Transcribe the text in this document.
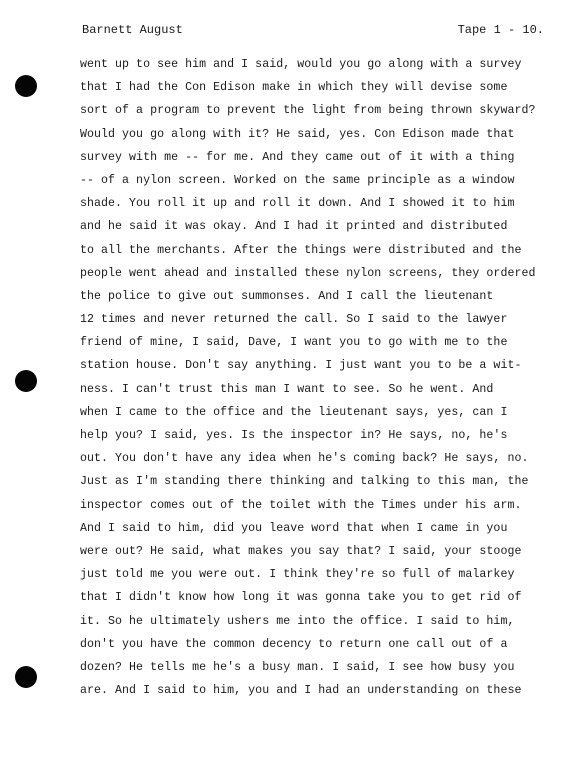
Barnett August	Tape 1 - 10.
went up to see him and I said, would you go along with a survey
that I had the Con Edison make in which they will devise some
sort of a program to prevent the light from being thrown skyward?
Would you go along with it? He said, yes. Con Edison made that
survey with me -- for me. And they came out of it with a thing
-- of a nylon screen. Worked on the same principle as a window
shade. You roll it up and roll it down. And I showed it to him
and he said it was okay. And I had it printed and distributed
to all the merchants. After the things were distributed and the
people went ahead and installed these nylon screens, they ordered
the police to give out summonses. And I call the lieutenant
12 times and never returned the call. So I said to the lawyer
friend of mine, I said, Dave, I want you to go with me to the
station house. Don't say anything. I just want you to be a wit-
ness. I can't trust this man I want to see. So he went. And
when I came to the office and the lieutenant says, yes, can I
help you? I said, yes. Is the inspector in? He says, no, he's
out. You don't have any idea when he's coming back? He says, no.
Just as I'm standing there thinking and talking to this man, the
inspector comes out of the toilet with the Times under his arm.
And I said to him, did you leave word that when I came in you
were out? He said, what makes you say that? I said, your stooge
just told me you were out. I think they're so full of malarkey
that I didn't know how long it was gonna take you to get rid of
it. So he ultimately ushers me into the office. I said to him,
don't you have the common decency to return one call out of a
dozen? He tells me he's a busy man. I said, I see how busy you
are. And I said to him, you and I had an understanding on these
